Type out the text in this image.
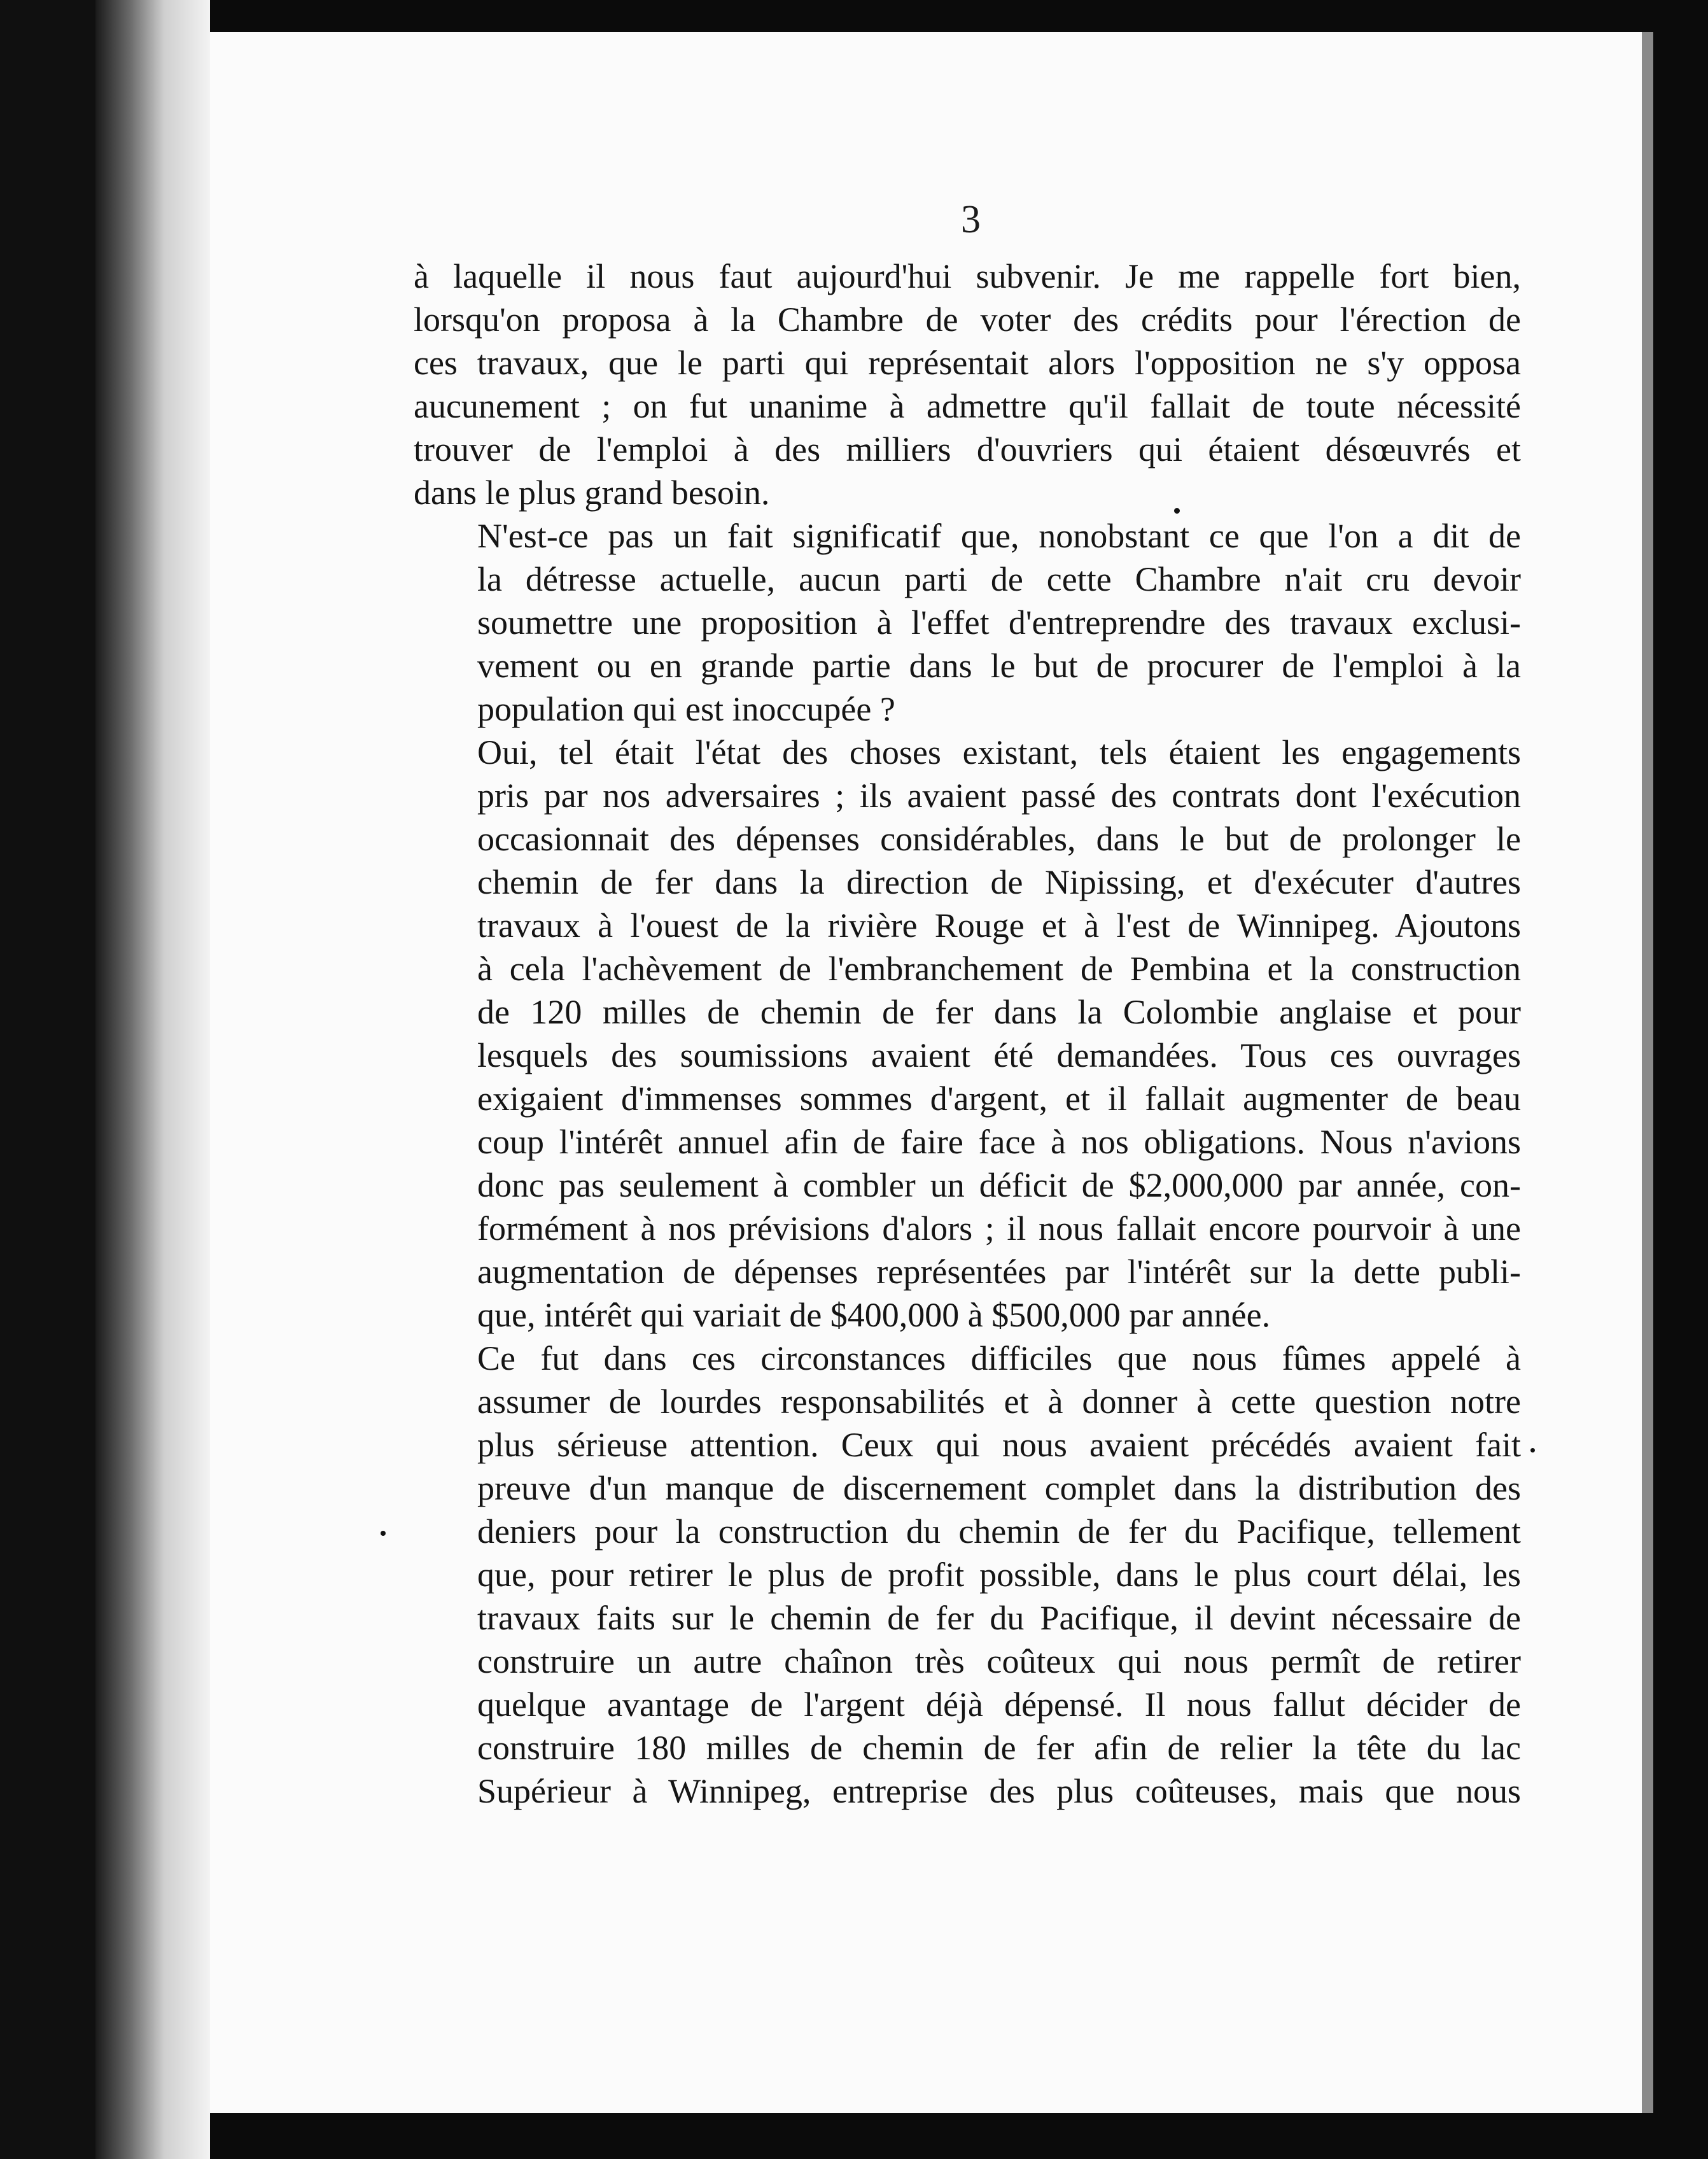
3
à laquelle il nous faut aujourd'hui subvenir. Je me rappelle fort bien,
lorsqu'on proposa à la Chambre de voter des crédits pour l'érection de
ces travaux, que le parti qui représentait alors l'opposition ne s'y opposa
aucunement ; on fut unanime à admettre qu'il fallait de toute nécessité
trouver de l'emploi à des milliers d'ouvriers qui étaient désœuvrés et
dans le plus grand besoin.
N'est-ce pas un fait significatif que, nonobstant ce que l'on a dit de
la détresse actuelle, aucun parti de cette Chambre n'ait cru devoir
soumettre une proposition à l'effet d'entreprendre des travaux exclusi-
vement ou en grande partie dans le but de procurer de l'emploi à la
population qui est inoccupée ?
Oui, tel était l'état des choses existant, tels étaient les engagements
pris par nos adversaires ; ils avaient passé des contrats dont l'exécution
occasionnait des dépenses considérables, dans le but de prolonger le
chemin de fer dans la direction de Nipissing, et d'exécuter d'autres
travaux à l'ouest de la rivière Rouge et à l'est de Winnipeg. Ajoutons
à cela l'achèvement de l'embranchement de Pembina et la construction
de 120 milles de chemin de fer dans la Colombie anglaise et pour
lesquels des soumissions avaient été demandées. Tous ces ouvrages
exigaient d'immenses sommes d'argent, et il fallait augmenter de beau
coup l'intérêt annuel afin de faire face à nos obligations. Nous n'avions
donc pas seulement à combler un déficit de $2,000,000 par année, con-
formément à nos prévisions d'alors ; il nous fallait encore pourvoir à une
augmentation de dépenses représentées par l'intérêt sur la dette publi-
que, intérêt qui variait de $400,000 à $500,000 par année.
Ce fut dans ces circonstances difficiles que nous fûmes appelé à
assumer de lourdes responsabilités et à donner à cette question notre
plus sérieuse attention. Ceux qui nous avaient précédés avaient fait
preuve d'un manque de discernement complet dans la distribution des
deniers pour la construction du chemin de fer du Pacifique, tellement
que, pour retirer le plus de profit possible, dans le plus court délai, les
travaux faits sur le chemin de fer du Pacifique, il devint nécessaire de
construire un autre chaînon très coûteux qui nous permît de retirer
quelque avantage de l'argent déjà dépensé. Il nous fallut décider de
construire 180 milles de chemin de fer afin de relier la tête du lac
Supérieur à Winnipeg, entreprise des plus coûteuses, mais que nous
